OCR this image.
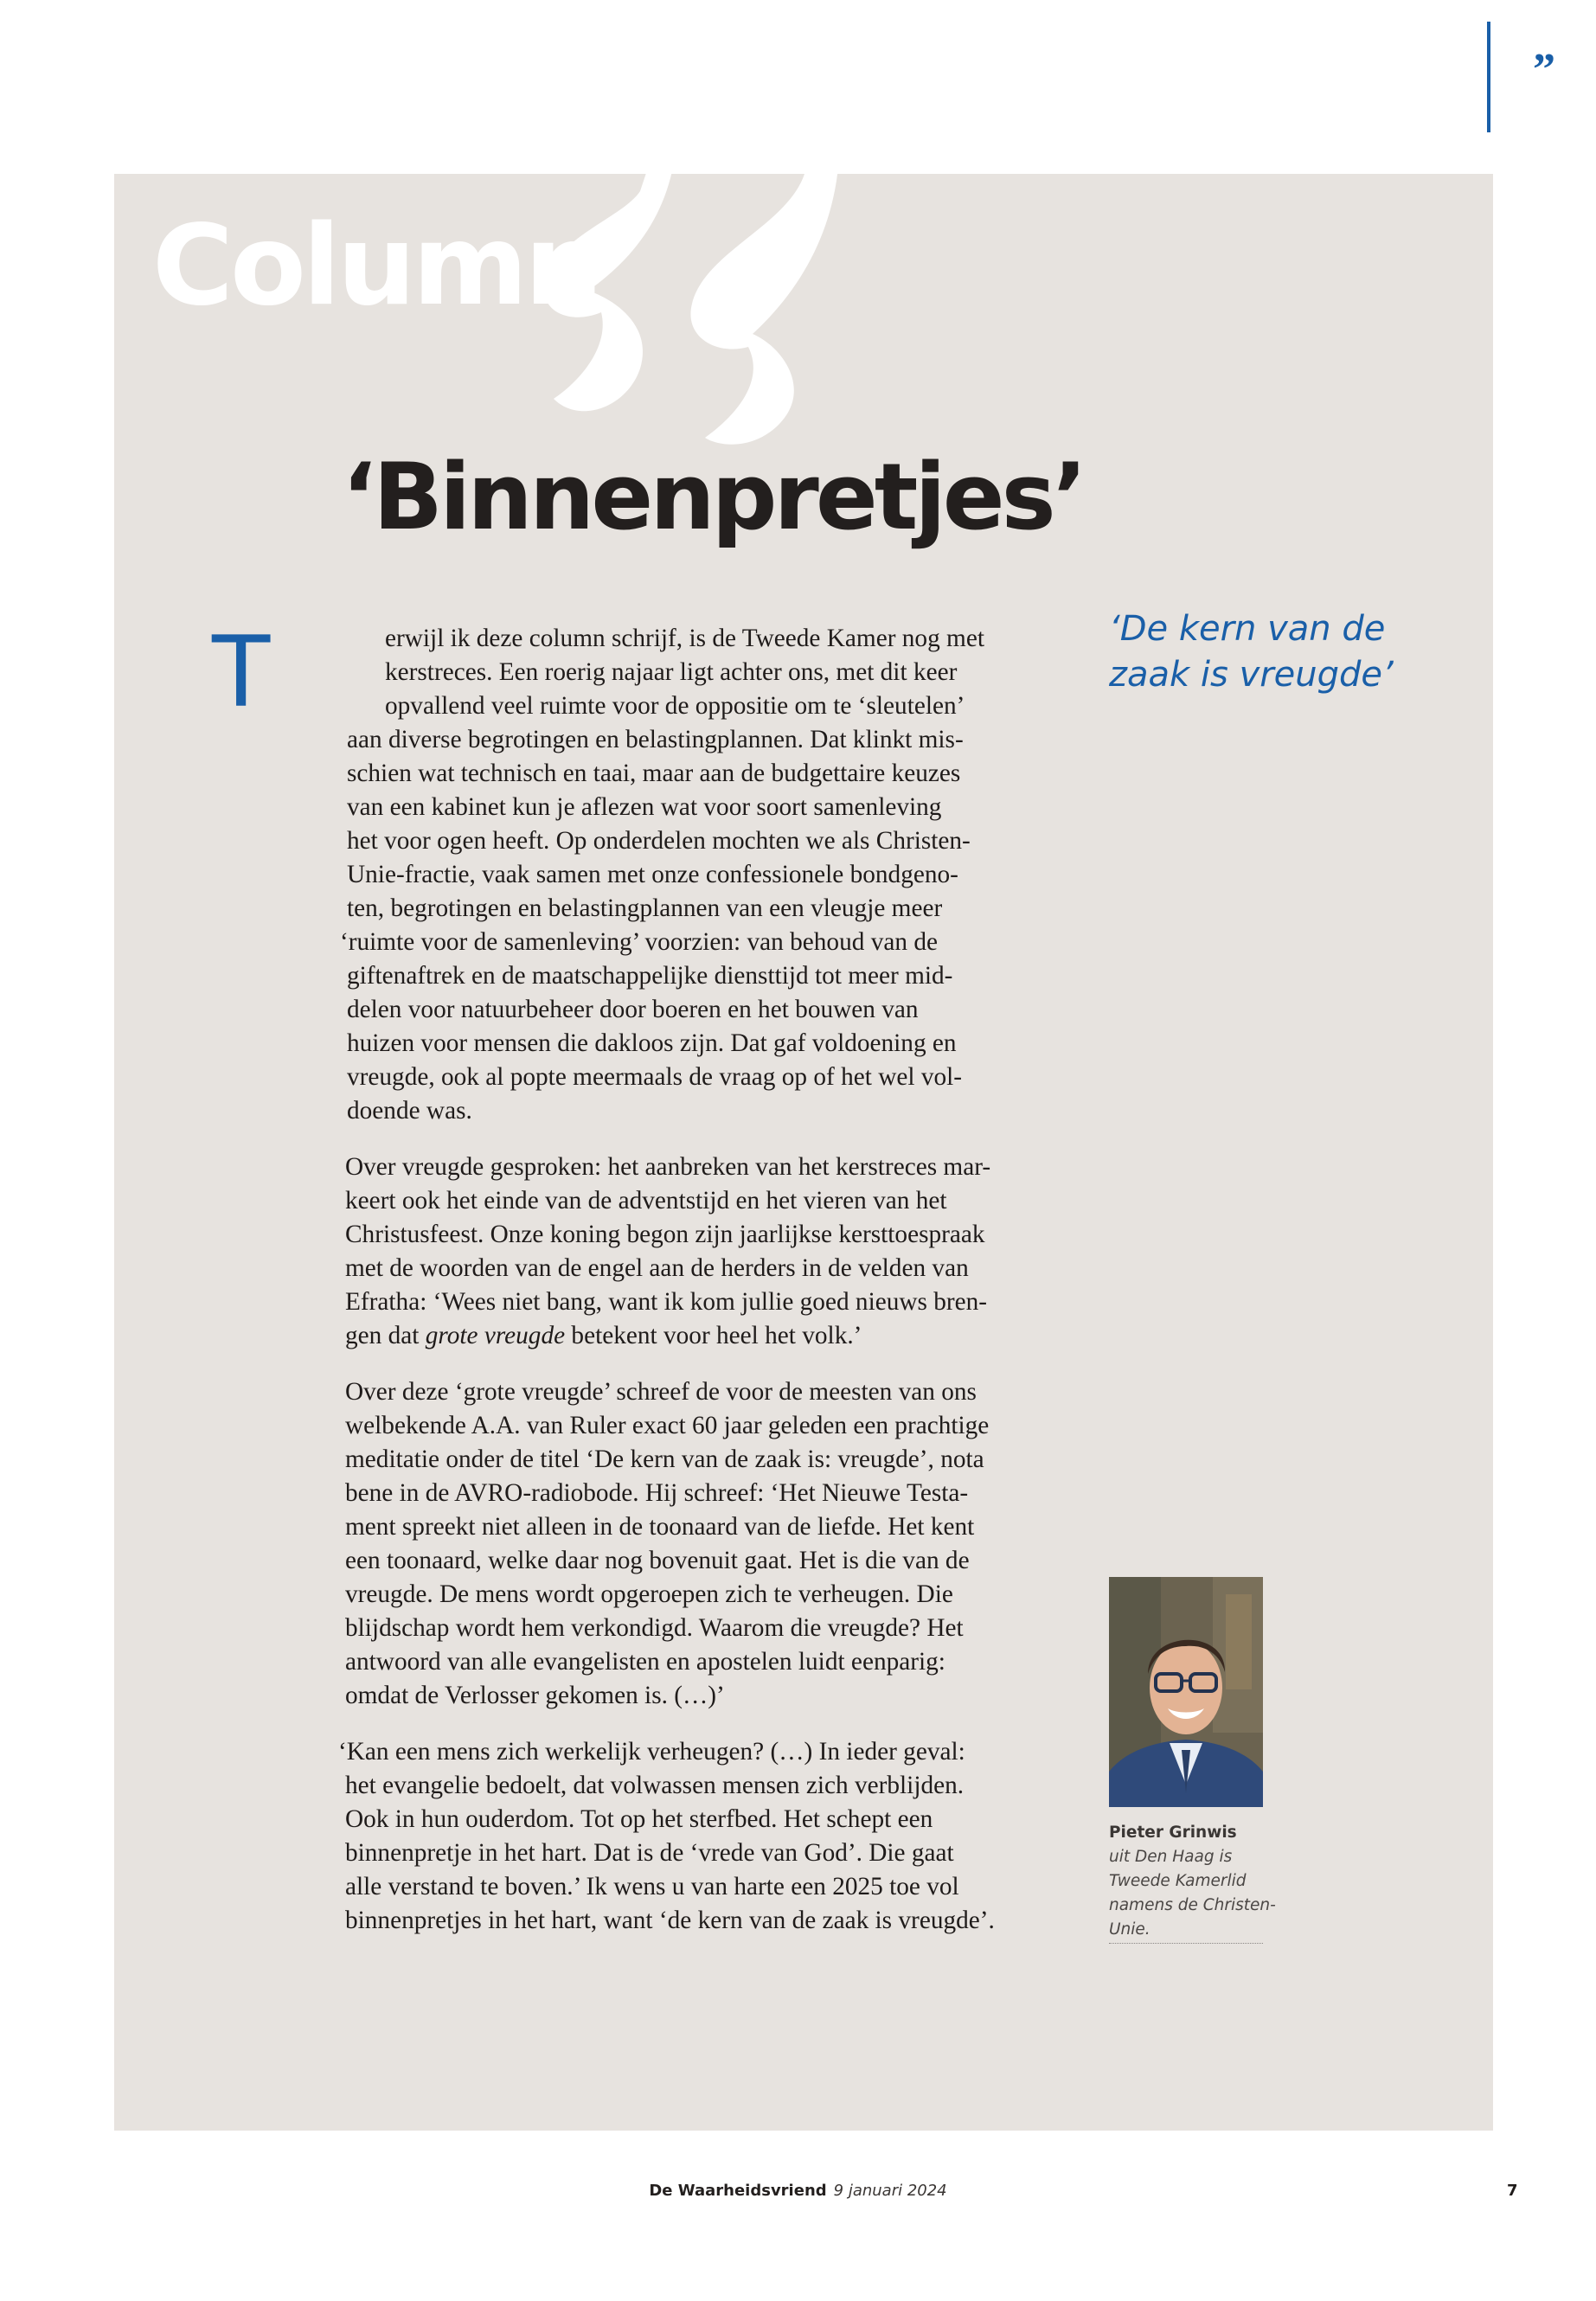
”
Column
‘Binnenpretjes’

erwijl ik deze column schrijf, is de Tweede Kamer nog met
kerstreces. Een roerig najaar ligt achter ons, met dit keer
opvallend veel ruimte voor de oppositie om te ‘sleutelen’
aan diverse begrotingen en belastingplannen. Dat klinkt mis-
schien wat technisch en taai, maar aan de budgettaire keuzes
van een kabinet kun je aflezen wat voor soort samenleving
het voor ogen heeft. Op onderdelen mochten we als Christen-
Unie-fractie, vaak samen met onze confessionele bondgeno-
ten, begrotingen en belastingplannen van een vleugje meer
‘ruimte voor de samenleving’ voorzien: van behoud van de
giftenaftrek en de maatschappelijke diensttijd tot meer mid-
delen voor natuurbeheer door boeren en het bouwen van
huizen voor mensen die dakloos zijn. Dat gaf voldoening en
vreugde, ook al popte meermaals de vraag op of het wel vol-
doende was.

Over vreugde gesproken: het aanbreken van het kerstreces mar-
keert ook het einde van de adventstijd en het vieren van het
Christusfeest. Onze koning begon zijn jaarlijkse kersttoespraak
met de woorden van de engel aan de herders in de velden van
Efratha: ‘Wees niet bang, want ik kom jullie goed nieuws bren-
gen dat grote vreugde betekent voor heel het volk.’

Over deze ‘grote vreugde’ schreef de voor de meesten van ons
welbekende A.A. van Ruler exact 60 jaar geleden een prachtige
meditatie onder de titel ‘De kern van de zaak is: vreugde’, nota
bene in de AVRO-radiobode. Hij schreef: ‘Het Nieuwe Testa-
ment spreekt niet alleen in de toonaard van de liefde. Het kent
een toonaard, welke daar nog bovenuit gaat. Het is die van de
vreugde. De mens wordt opgeroepen zich te verheugen. Die
blijdschap wordt hem verkondigd. Waarom die vreugde? Het
antwoord van alle evangelisten en apostelen luidt eenparig:
omdat de Verlosser gekomen is. (…)’

‘Kan een mens zich werkelijk verheugen? (…) In ieder geval:
het evangelie bedoelt, dat volwassen mensen zich verblijden.
Ook in hun ouderdom. Tot op het sterfbed. Het schept een
binnenpretje in het hart. Dat is de ‘vrede van God’. Die gaat
alle verstand te boven.’ Ik wens u van harte een 2025 toe vol
binnenpretjes in het hart, want ‘de kern van de zaak is vreugde’.

‘De kern van de
zaak is vreugde’
Pieter Grinwis
uit Den Haag is
Tweede Kamerlid
namens de Christen-
Unie.
T
De Waarheidsvriend 9 januari 2024	7
